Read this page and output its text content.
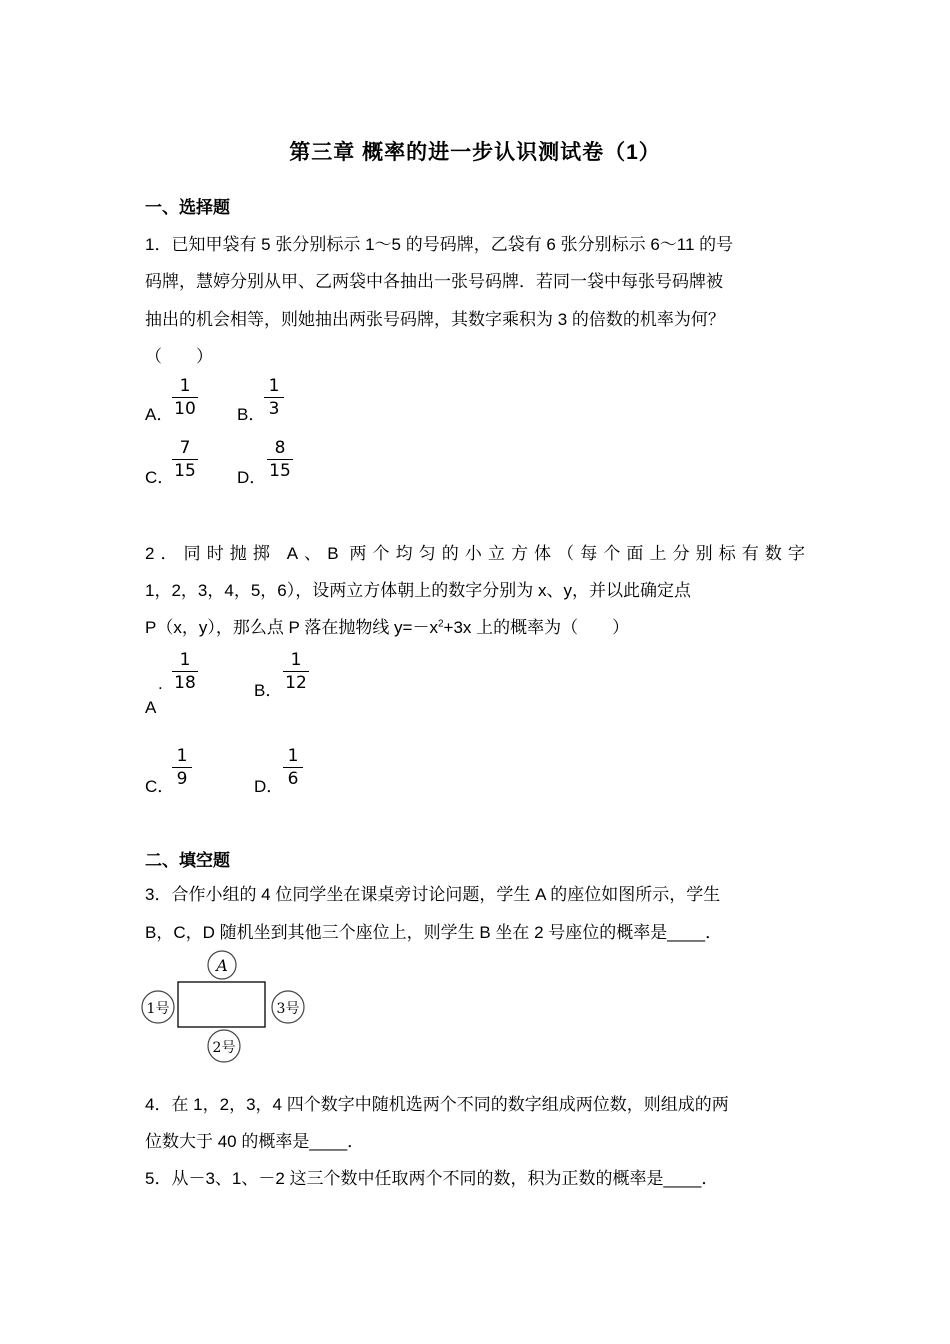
第三章 概率的进一步认识测试卷（1）
一、选择题
1．已知甲袋有 5 张分别标示 1～5 的号码牌，乙袋有 6 张分别标示 6～11 的号
码牌，慧婷分别从甲、乙两袋中各抽出一张号码牌．若同一袋中每张号码牌被
抽出的机会相等，则她抽出两张号码牌，其数字乘积为 3 的倍数的机率为何？
（　　）
A．
1
10 B．
1
3
C．
7
15 D．
8
15
2．同时抛掷 A、B 两个均匀的小立方体（每个面上分别标有数字
1，2，3，4，5，6），设两立方体朝上的数字分别为 x、y，并以此确定点
P（x，y），那么点 P 落在抛物线 $y=-x^2+3x$ 上的概率为（　　）
.
A
1
18	B．
1
12
C．
1
9	D．
1
6
二、填空题
3．合作小组的 4 位同学坐在课桌旁讨论问题，学生 A 的座位如图所示，学生
B，C，D 随机坐到其他三个座位上，则学生 B 坐在 2 号座位的概率是____．
A
1号	3号
2号
4．在 1，2，3，4 四个数字中随机选两个不同的数字组成两位数，则组成的两
位数大于 40 的概率是____．
5．从－3、1、－2 这三个数中任取两个不同的数，积为正数的概率是____．
